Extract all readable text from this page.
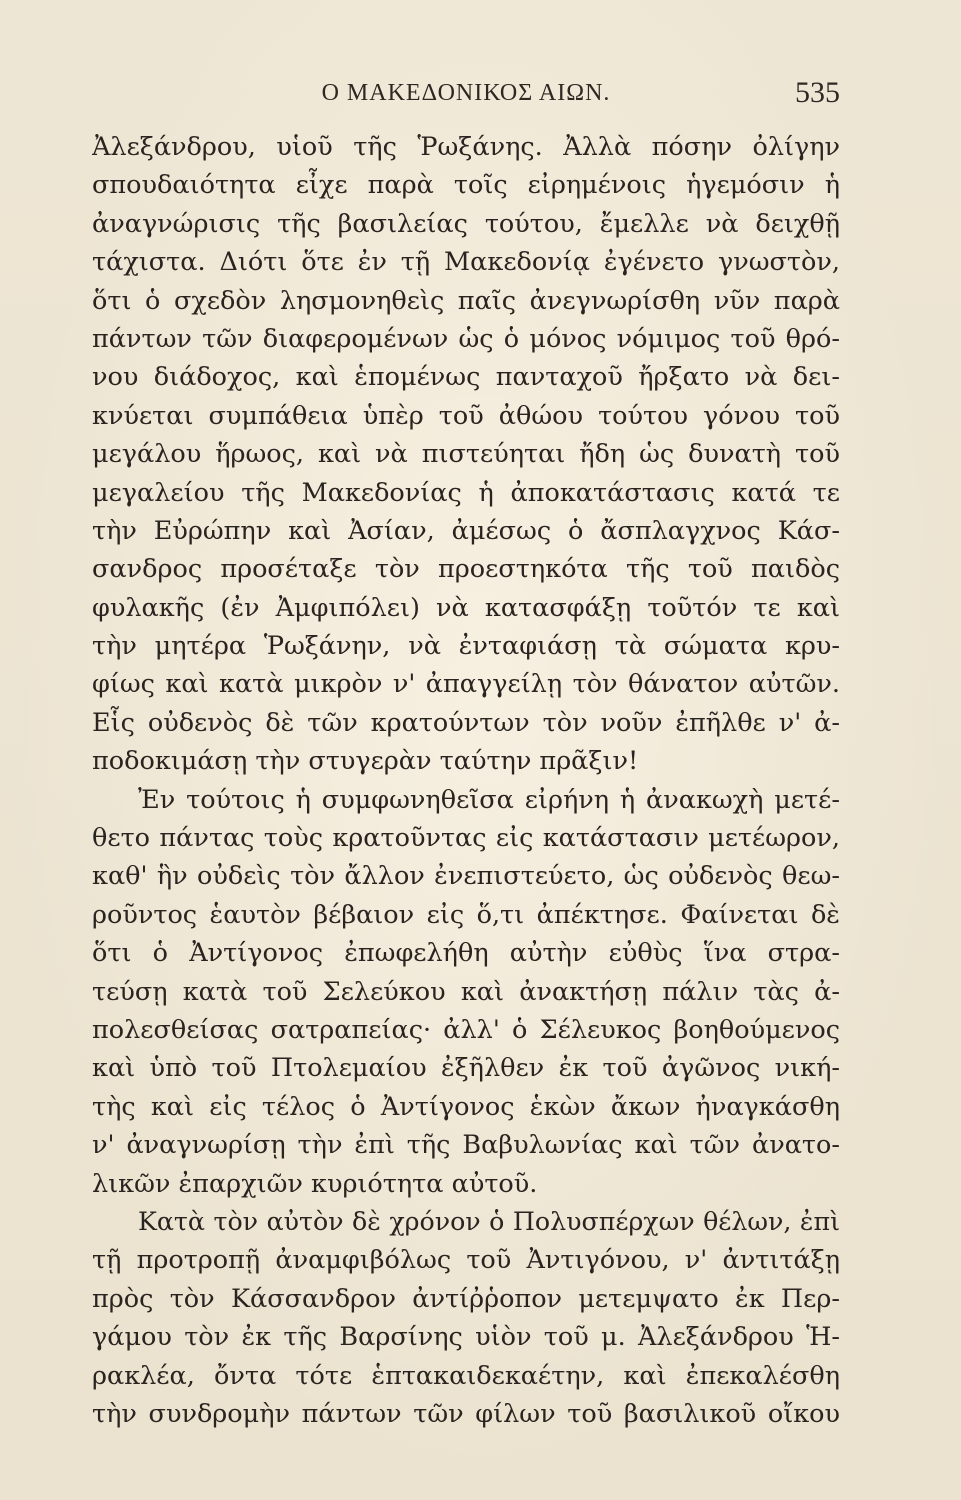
Ο ΜΑΚΕΔΟΝΙΚΟΣ ΑΙΩΝ.	535
Ἀλεξάνδρου, υἱοῦ τῆς Ῥωξάνης. Ἀλλὰ πόσην ὀλίγην
σπουδαιότητα εἶχε παρὰ τοῖς εἰρημένοις ἡγεμόσιν ἡ
ἀναγνώρισις τῆς βασιλείας τούτου, ἔμελλε νὰ δειχθῇ
τάχιστα. Διότι ὅτε ἐν τῇ Μακεδονίᾳ ἐγένετο γνωστὸν,
ὅτι ὁ σχεδὸν λησμονηθεὶς παῖς ἀνεγνωρίσθη νῦν παρὰ
πάντων τῶν διαφερομένων ὡς ὁ μόνος νόμιμος τοῦ θρό-
νου διάδοχος, καὶ ἑπομένως πανταχοῦ ἤρξατο νὰ δει-
κνύεται συμπάθεια ὑπὲρ τοῦ ἀθώου τούτου γόνου τοῦ
μεγάλου ἥρωος, καὶ νὰ πιστεύηται ἤδη ὡς δυνατὴ τοῦ
μεγαλείου τῆς Μακεδονίας ἡ ἀποκατάστασις κατά τε
τὴν Εὐρώπην καὶ Ἀσίαν, ἀμέσως ὁ ἄσπλαγχνος Κάσ-
σανδρος προσέταξε τὸν προεστηκότα τῆς τοῦ παιδὸς
φυλακῆς (ἐν Ἀμφιπόλει) νὰ κατασφάξῃ τοῦτόν τε καὶ
τὴν μητέρα Ῥωξάνην, νὰ ἐνταφιάσῃ τὰ σώματα κρυ-
φίως καὶ κατὰ μικρὸν ν' ἀπαγγείλῃ τὸν θάνατον αὐτῶν.
Εἷς οὐδενὸς δὲ τῶν κρατούντων τὸν νοῦν ἐπῆλθε ν' ἀ-
ποδοκιμάσῃ τὴν στυγερὰν ταύτην πρᾶξιν!
Ἐν τούτοις ἡ συμφωνηθεῖσα εἰρήνη ἡ ἀνακωχὴ μετέ-
θετο πάντας τοὺς κρατοῦντας εἰς κατάστασιν μετέωρον,
καθ' ἣν οὐδεὶς τὸν ἄλλον ἐνεπιστεύετο, ὡς οὐδενὸς θεω-
ροῦντος ἑαυτὸν βέβαιον εἰς ὅ,τι ἀπέκτησε. Φαίνεται δὲ
ὅτι ὁ Ἀντίγονος ἐπωφελήθη αὐτὴν εὐθὺς ἵνα στρα-
τεύσῃ κατὰ τοῦ Σελεύκου καὶ ἀνακτήσῃ πάλιν τὰς ἀ-
πολεσθείσας σατραπείας· ἀλλ' ὁ Σέλευκος βοηθούμενος
καὶ ὑπὸ τοῦ Πτολεμαίου ἐξῆλθεν ἐκ τοῦ ἀγῶνος νική-
τὴς καὶ εἰς τέλος ὁ Ἀντίγονος ἑκὼν ἄκων ἠναγκάσθη
ν' ἀναγνωρίσῃ τὴν ἐπὶ τῆς Βαβυλωνίας καὶ τῶν ἀνατο-
λικῶν ἐπαρχιῶν κυριότητα αὐτοῦ.
Κατὰ τὸν αὐτὸν δὲ χρόνον ὁ Πολυσπέρχων θέλων, ἐπὶ
τῇ προτροπῇ ἀναμφιβόλως τοῦ Ἀντιγόνου, ν' ἀντιτάξῃ
πρὸς τὸν Κάσσανδρον ἀντίῤῥοπον μετεμψατο ἐκ Περ-
γάμου τὸν ἐκ τῆς Βαρσίνης υἱὸν τοῦ μ. Ἀλεξάνδρου Ἡ-
ρακλέα, ὄντα τότε ἑπτακαιδεκαέτην, καὶ ἐπεκαλέσθη
τὴν συνδρομὴν πάντων τῶν φίλων τοῦ βασιλικοῦ οἴκου
